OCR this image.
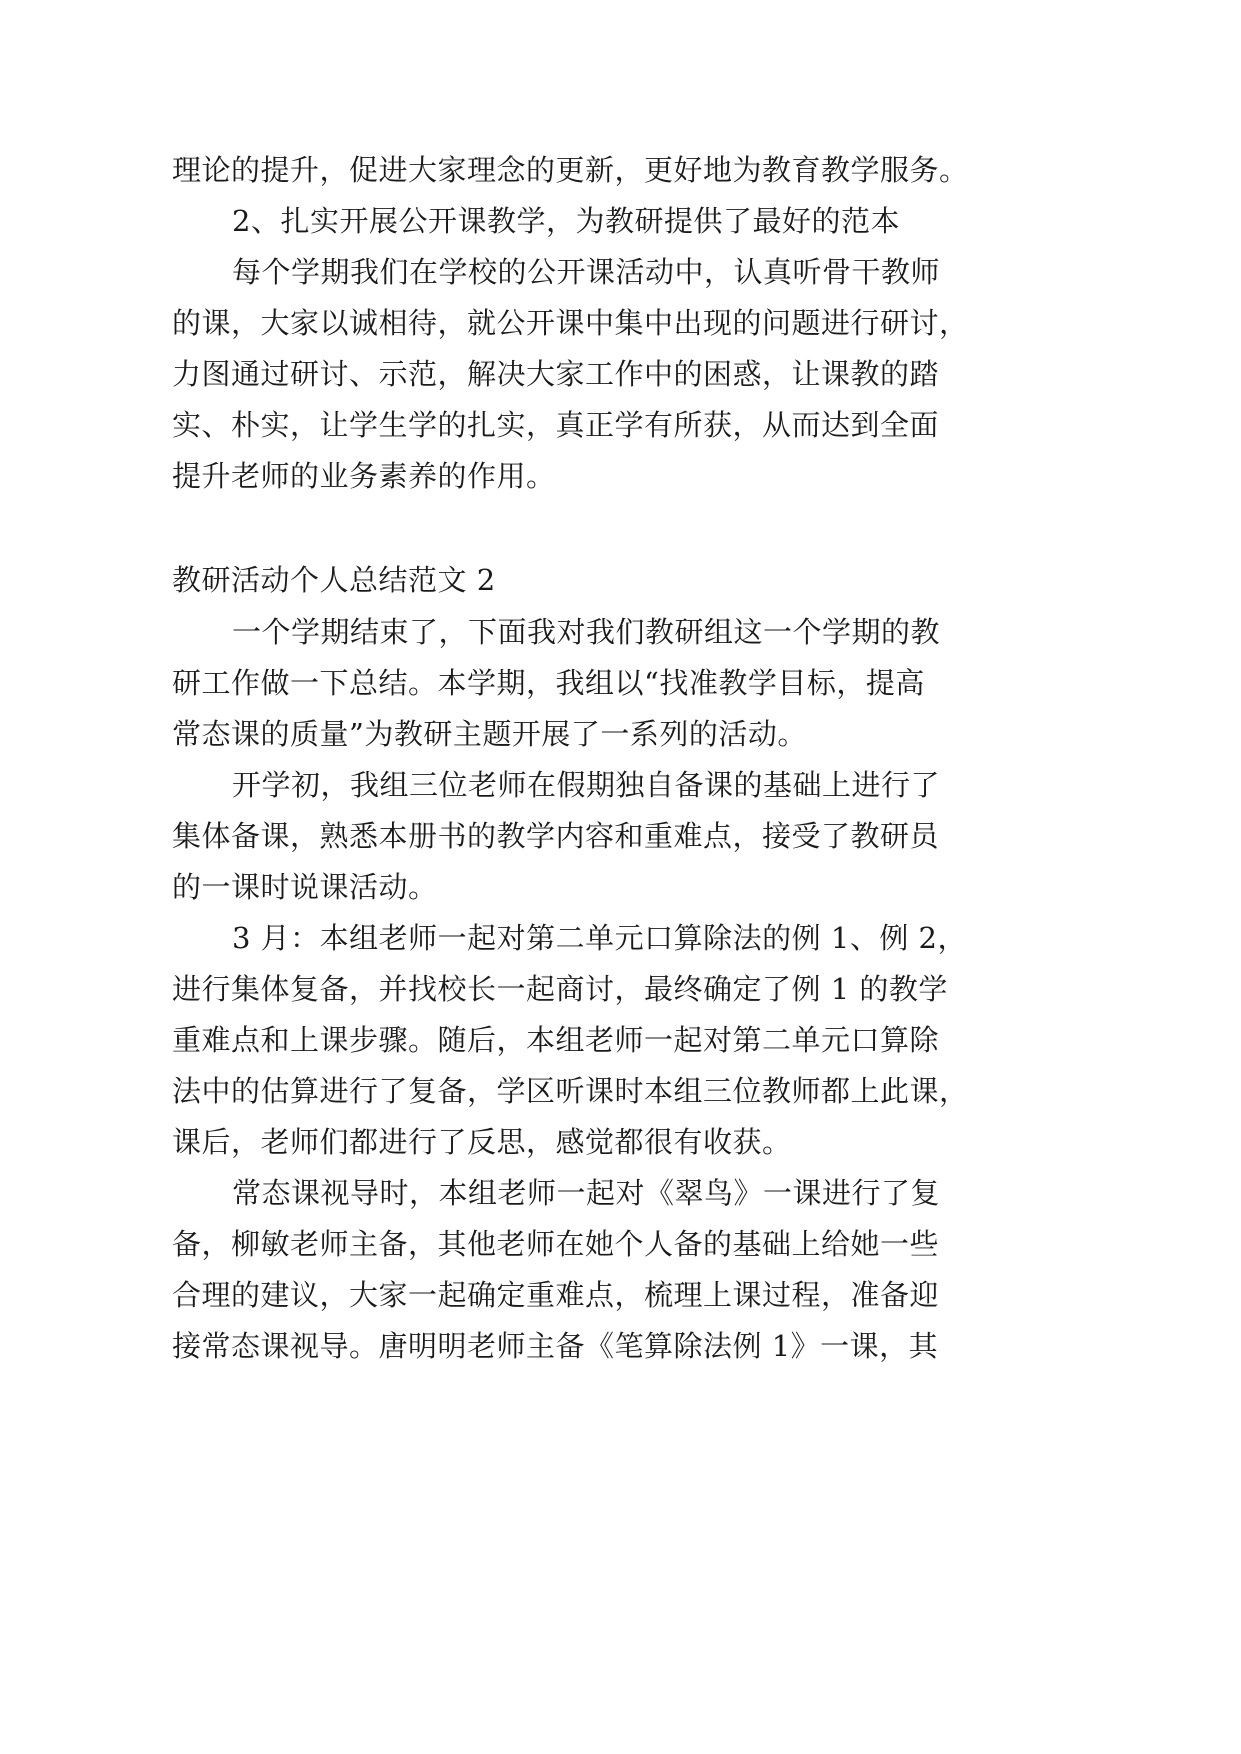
理论的提升，促进大家理念的更新，更好地为教育教学服务。
2、扎实开展公开课教学，为教研提供了最好的范本
每个学期我们在学校的公开课活动中，认真听骨干教师
的课，大家以诚相待，就公开课中集中出现的问题进行研讨，
力图通过研讨、示范，解决大家工作中的困惑，让课教的踏
实、朴实，让学生学的扎实，真正学有所获，从而达到全面
提升老师的业务素养的作用。
教研活动个人总结范文 2
一个学期结束了，下面我对我们教研组这一个学期的教
研工作做一下总结。本学期，我组以“找准教学目标，提高
常态课的质量”为教研主题开展了一系列的活动。
开学初，我组三位老师在假期独自备课的基础上进行了
集体备课，熟悉本册书的教学内容和重难点，接受了教研员
的一课时说课活动。
3 月：本组老师一起对第二单元口算除法的例 1、例 2，
进行集体复备，并找校长一起商讨，最终确定了例 1 的教学
重难点和上课步骤。随后，本组老师一起对第二单元口算除
法中的估算进行了复备，学区听课时本组三位教师都上此课，
课后，老师们都进行了反思，感觉都很有收获。
常态课视导时，本组老师一起对《翠鸟》一课进行了复
备，柳敏老师主备，其他老师在她个人备的基础上给她一些
合理的建议，大家一起确定重难点，梳理上课过程，准备迎
接常态课视导。唐明明老师主备《笔算除法例 1》一课，其
